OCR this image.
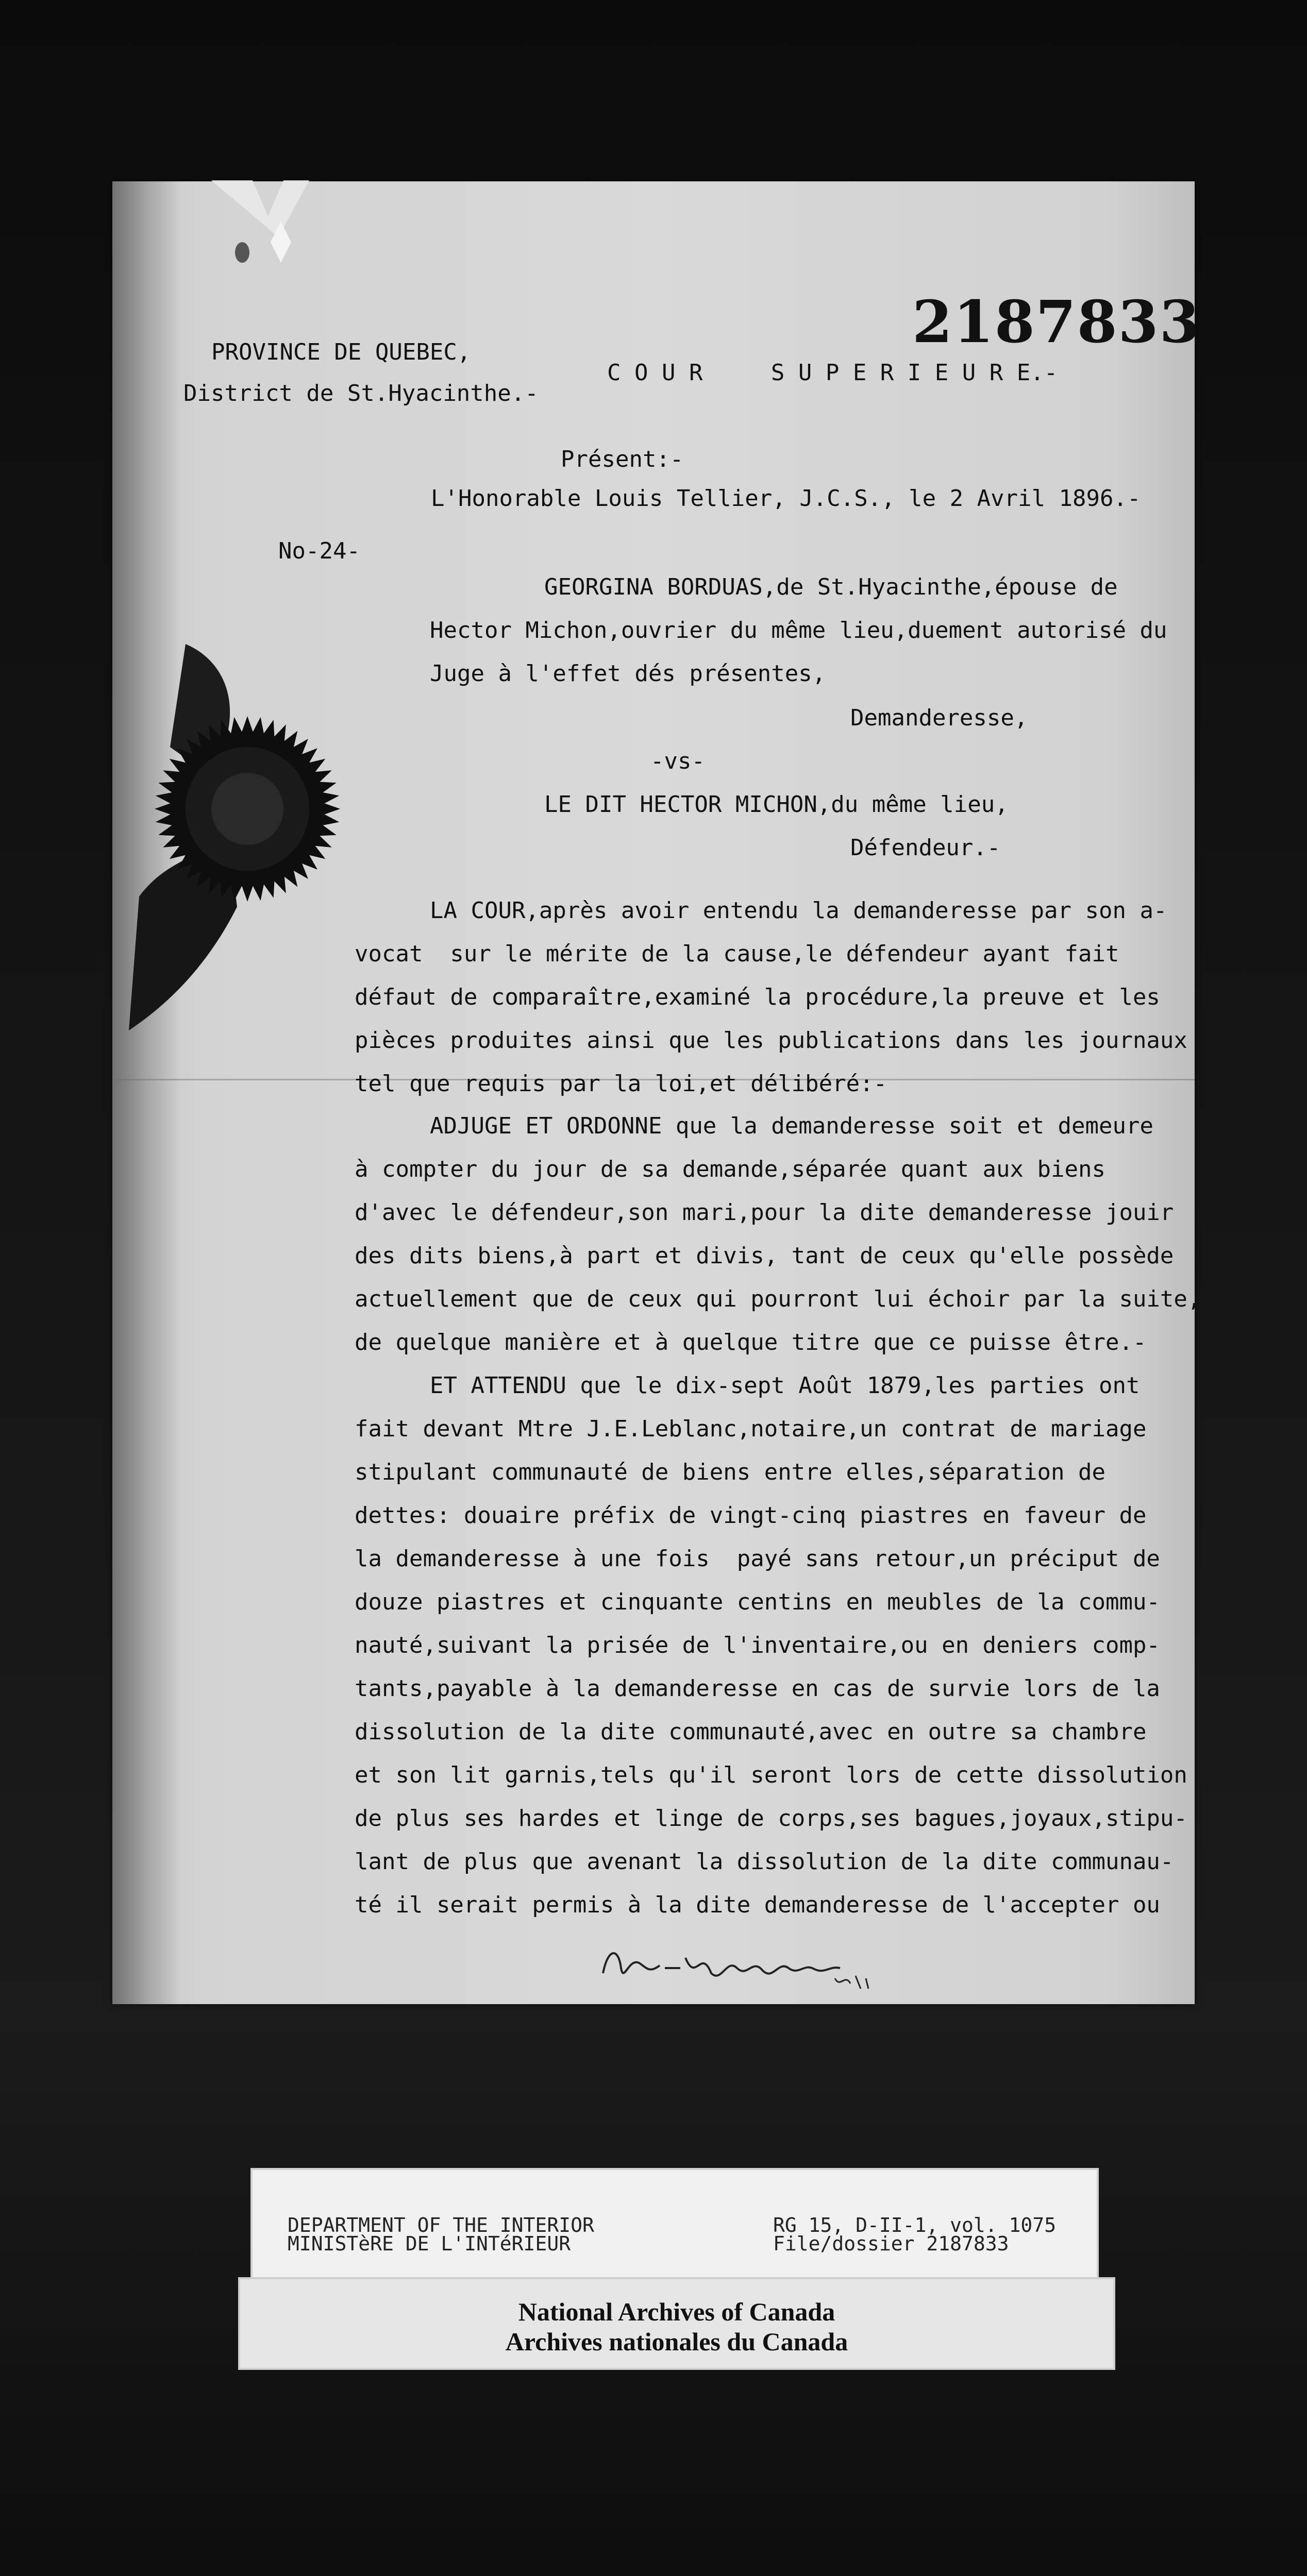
2187833
PROVINCE DE QUEBEC,
District de St.Hyacinthe.-
C O U R     S U P E R I E U R E.-
Présent:-
L'Honorable Louis Tellier, J.C.S., le 2 Avril 1896.-
No-24-
GEORGINA BORDUAS,de St.Hyacinthe,épouse de
Hector Michon,ouvrier du même lieu,duement autorisé du
Juge à l'effet dés présentes,
Demanderesse,
-vs-
LE DIT HECTOR MICHON,du même lieu,
Défendeur.-
LA COUR,après avoir entendu la demanderesse par son a-
vocat  sur le mérite de la cause,le défendeur ayant fait
défaut de comparaître,examiné la procédure,la preuve et les
pièces produites ainsi que les publications dans les journaux
tel que requis par la loi,et délibéré:-
ADJUGE ET ORDONNE que la demanderesse soit et demeure
à compter du jour de sa demande,séparée quant aux biens
d'avec le défendeur,son mari,pour la dite demanderesse jouir
des dits biens,à part et divis, tant de ceux qu'elle possède
actuellement que de ceux qui pourront lui échoir par la suite,
de quelque manière et à quelque titre que ce puisse être.-
ET ATTENDU que le dix-sept Août 1879,les parties ont
fait devant Mtre J.E.Leblanc,notaire,un contrat de mariage
stipulant communauté de biens entre elles,séparation de
dettes: douaire préfix de vingt-cinq piastres en faveur de
la demanderesse à une fois  payé sans retour,un préciput de
douze piastres et cinquante centins en meubles de la commu-
nauté,suivant la prisée de l'inventaire,ou en deniers comp-
tants,payable à la demanderesse en cas de survie lors de la
dissolution de la dite communauté,avec en outre sa chambre
et son lit garnis,tels qu'il seront lors de cette dissolution
de plus ses hardes et linge de corps,ses bagues,joyaux,stipu-
lant de plus que avenant la dissolution de la dite communau-
té il serait permis à la dite demanderesse de l'accepter ou
DEPARTMENT OF THE INTERIOR
MINISTèRE DE L'INTéRIEUR
RG 15, D-II-1, vol. 1075
File/dossier 2187833
National Archives of Canada
Archives nationales du Canada
